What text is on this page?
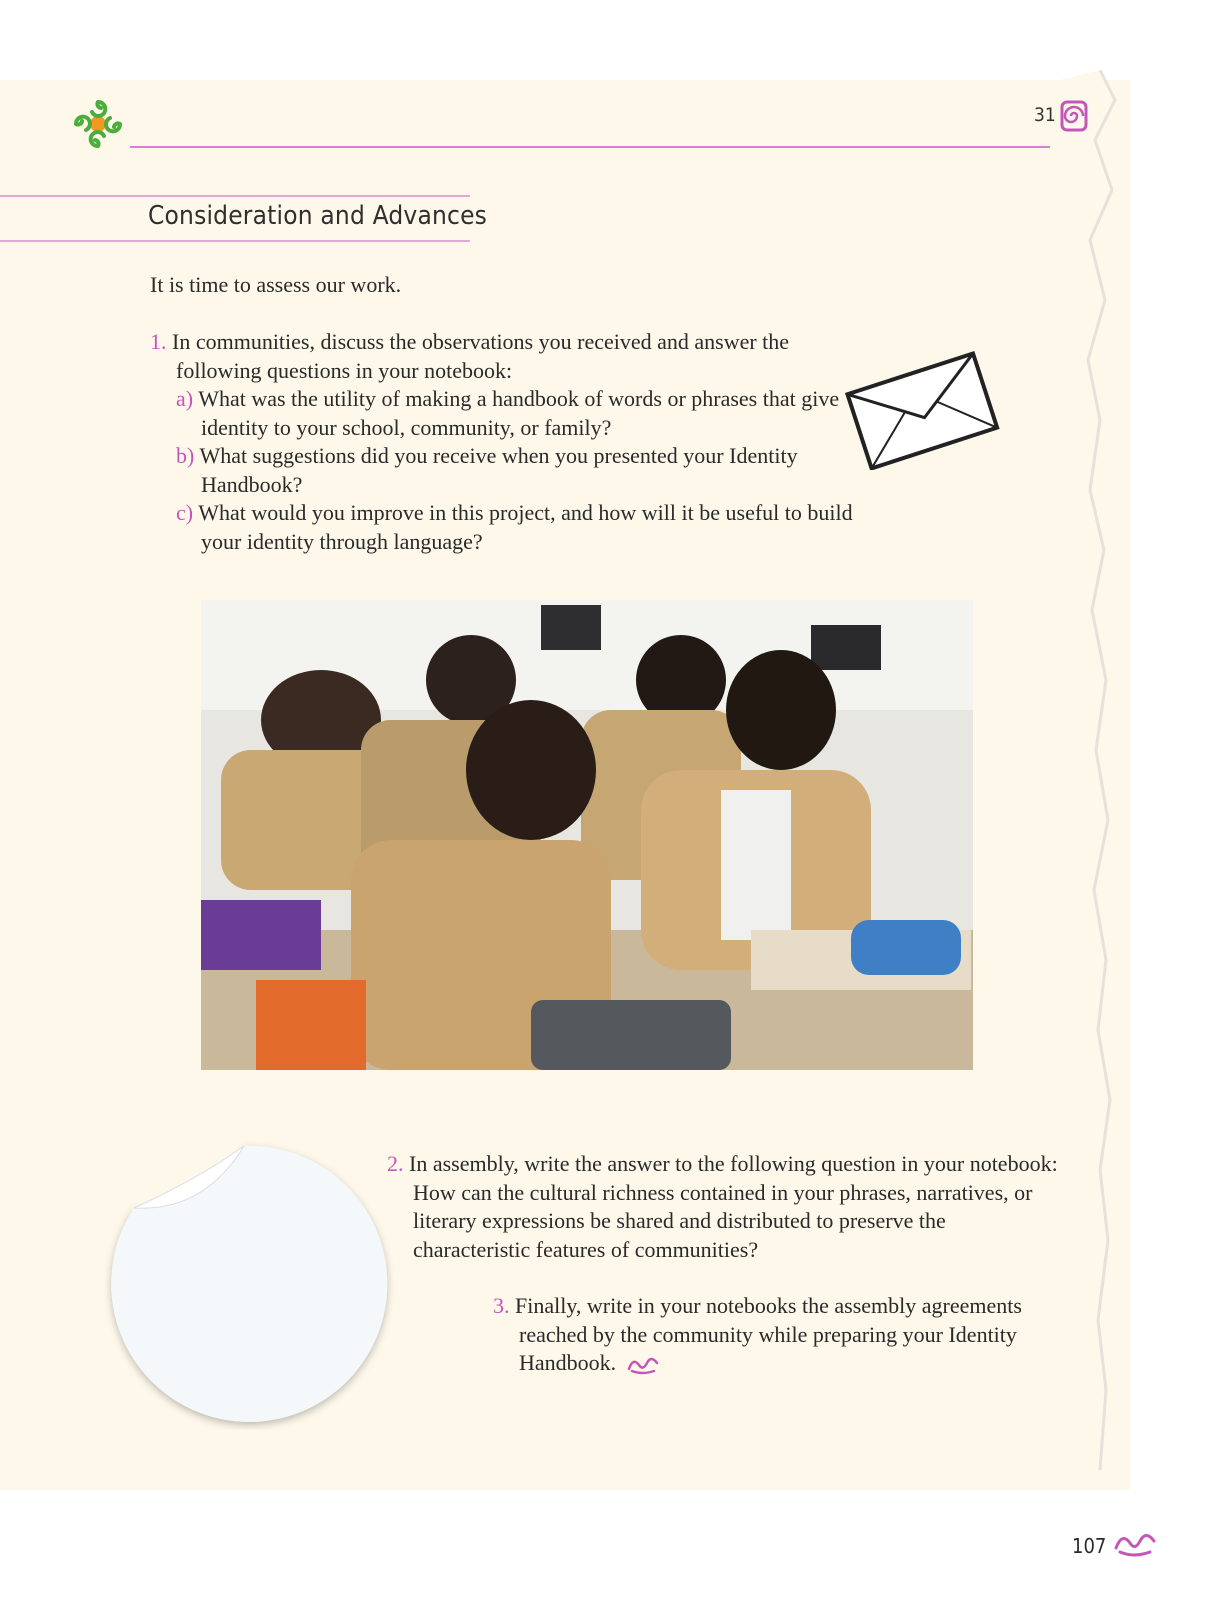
31
Consideration and Advances
It is time to assess our work.
1. In communities, discuss the observations you received and answer the following questions in your notebook:
a) What was the utility of making a handbook of words or phrases that give identity to your school, community, or family?
b) What suggestions did you receive when you presented your Identity Handbook?
c) What would you improve in this project, and how will it be useful to build your identity through language?
2. In assembly, write the answer to the following question in your notebook: How can the cultural richness contained in your phrases, narratives, or literary expressions be shared and distributed to preserve the characteristic features of communities?
3. Finally, write in your notebooks the assembly agreements reached by the community while preparing your Identity Handbook.
107
